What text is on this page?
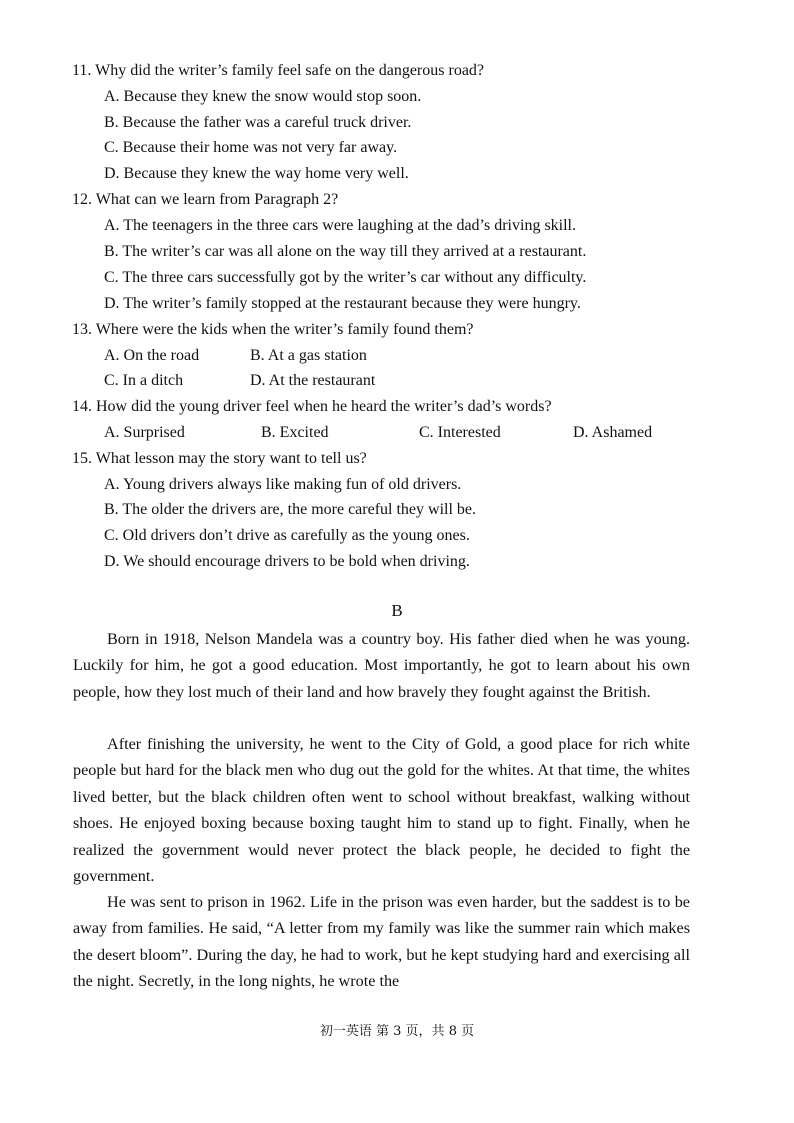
11. Why did the writer’s family feel safe on the dangerous road?
A. Because they knew the snow would stop soon.
B. Because the father was a careful truck driver.
C. Because their home was not very far away.
D. Because they knew the way home very well.
12. What can we learn from Paragraph 2?
A. The teenagers in the three cars were laughing at the dad’s driving skill.
B. The writer’s car was all alone on the way till they arrived at a restaurant.
C. The three cars successfully got by the writer’s car without any difficulty.
D. The writer’s family stopped at the restaurant because they were hungry.
13. Where were the kids when the writer’s family found them?
A. On the road	B. At a gas station
C. In a ditch	D. At the restaurant
14. How did the young driver feel when he heard the writer’s dad’s words?
A. Surprised	B. Excited	C. Interested	D. Ashamed
15. What lesson may the story want to tell us?
A. Young drivers always like making fun of old drivers.
B. The older the drivers are, the more careful they will be.
C. Old drivers don’t drive as carefully as the young ones.
D. We should encourage drivers to be bold when driving.
B
Born in 1918, Nelson Mandela was a country boy. His father died when he was young. Luckily for him, he got a good education. Most importantly, he got to learn about his own people, how they lost much of their land and how bravely they fought against the British.
After finishing the university, he went to the City of Gold, a good place for rich white people but hard for the black men who dug out the gold for the whites. At that time, the whites lived better, but the black children often went to school without breakfast, walking without shoes. He enjoyed boxing because boxing taught him to stand up to fight. Finally, when he realized the government would never protect the black people, he decided to fight the government.
He was sent to prison in 1962. Life in the prison was even harder, but the saddest is to be away from families. He said, “A letter from my family was like the summer rain which makes the desert bloom”. During the day, he had to work, but he kept studying hard and exercising all the night. Secretly, in the long nights, he wrote the
初一英语 第 3 页，共 8 页
